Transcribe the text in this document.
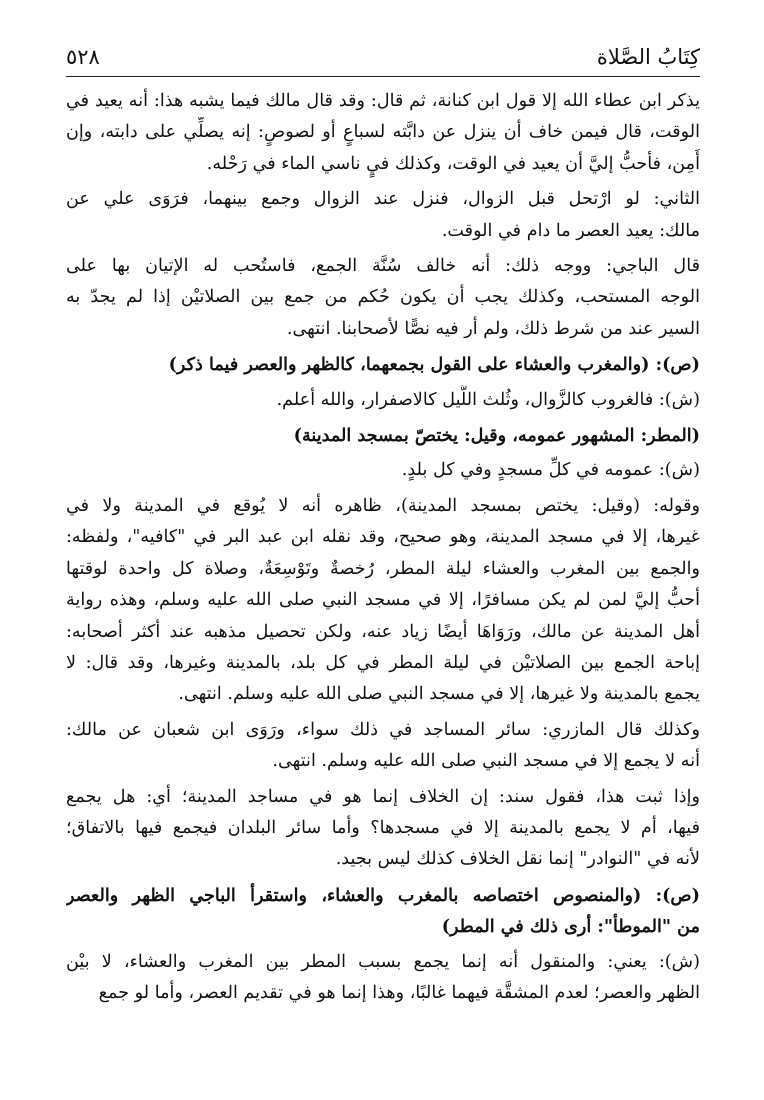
كِتَابُ الصَّلاة
٥٢٨
يذكر ابن عطاء الله إلا قول ابن كنانة، ثم قال: وقد قال مالك فيما يشبه هذا: أنه يعيد في
الوقت، قال فيمن خاف أن ينزل عن دابَّته لسباعٍ أو لصوصٍ: إنه يصلِّي على دابته، وإن
أَمِن، فأحبُّ إليَّ أن يعيد في الوقت، وكذلك فيٍ ناسي الماء في رَحْله.
الثاني: لو ارْتحل قبل الزوال، فنزل عند الزوال وجمع بينهما، فرَوَى علي عن
مالك: يعيد العصر ما دام في الوقت.
قال الباجي: ووجه ذلك: أنه خالف سُنَّة الجمع، فاستُحب له الإتيان بها على
الوجه المستحب، وكذلك يجب أن يكون حُكم من جمع بين الصلاتيْن إذا لم يجدّ به
السير عند من شرط ذلك، ولم أر فيه نصًّا لأصحابنا. انتهى.
(ص): (والمغرب والعشاء على القول بجمعهما، كالظهر والعصر فيما ذكر)
(ش): فالغروب كالزَّوال، وثُلث اللَّيل كالاصفرار، والله أعلم.
(المطر: المشهور عمومه، وقيل: يختصّ بمسجد المدينة)
(ش): عمومه في كلِّ مسجدٍ وفي كل بلدٍ.
وقوله: (وقيل: يختص بمسجد المدينة)، ظاهره أنه لا يُوقع في المدينة ولا في
غيرها، إلا في مسجد المدينة، وهو صحيح، وقد نقله ابن عبد البر في "كافيه"، ولفظه:
والجمع بين المغرب والعشاء ليلة المطر، رُخصةٌ وتَوْسِعَةٌ، وصلاة كل واحدة لوقتها
أحبُّ إليَّ لمن لم يكن مسافرًا، إلا في مسجد النبي صلى الله عليه وسلم، وهذه رواية
أهل المدينة عن مالك، ورَوَاهَا أيضًا زياد عنه، ولكن تحصيل مذهبه عند أكثر أصحابه:
إباحة الجمع بين الصلاتيْن في ليلة المطر في كل بلد، بالمدينة وغيرها، وقد قال: لا
يجمع بالمدينة ولا غيرها، إلا في مسجد النبي صلى الله عليه وسلم. انتهى.
وكذلك قال المازري: سائر المساجد في ذلك سواء، ورَوَى ابن شعبان عن مالك:
أنه لا يجمع إلا في مسجد النبي صلى الله عليه وسلم. انتهى.
وإذا ثبت هذا، فقول سند: إن الخلاف إنما هو في مساجد المدينة؛ أي: هل يجمع
فيها، أم لا يجمع بالمدينة إلا في مسجدها؟ وأما سائر البلدان فيجمع فيها بالاتفاق؛
لأنه في "النوادر" إنما نقل الخلاف كذلك ليس بجيد.
(ص): (والمنصوص اختصاصه بالمغرب والعشاء، واستقرأ الباجي الظهر والعصر
من "الموطأ": أرى ذلك في المطر)
(ش): يعني: والمنقول أنه إنما يجمع بسبب المطر بين المغرب والعشاء، لا بيْن
الظهر والعصر؛ لعدم المشقَّة فيهما غالبًا، وهذا إنما هو في تقديم العصر، وأما لو جمع
